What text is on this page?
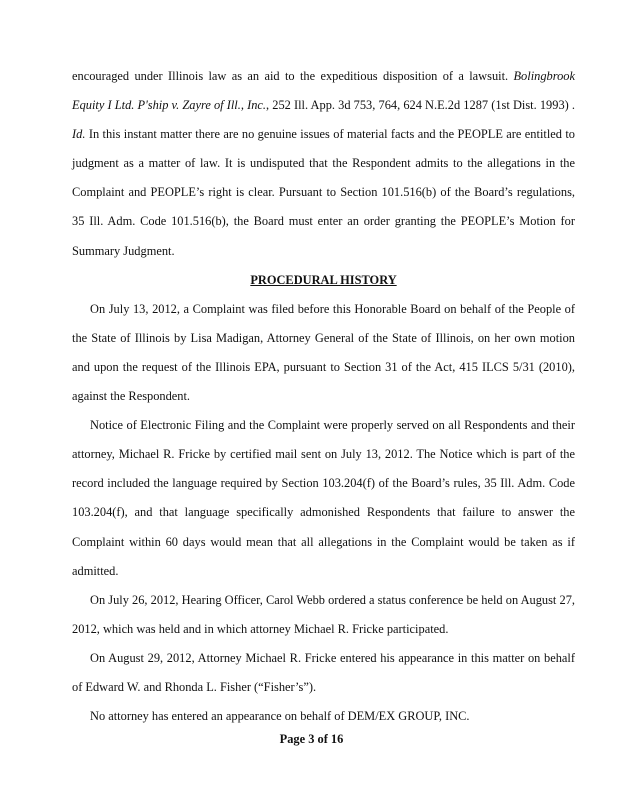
encouraged under Illinois law as an aid to the expeditious disposition of a lawsuit. Bolingbrook Equity I Ltd. P'ship v. Zayre of Ill., Inc., 252 Ill. App. 3d 753, 764, 624 N.E.2d 1287 (1st Dist. 1993) . Id. In this instant matter there are no genuine issues of material facts and the PEOPLE are entitled to judgment as a matter of law. It is undisputed that the Respondent admits to the allegations in the Complaint and PEOPLE’s right is clear. Pursuant to Section 101.516(b) of the Board’s regulations, 35 Ill. Adm. Code 101.516(b), the Board must enter an order granting the PEOPLE’s Motion for Summary Judgment.

PROCEDURAL HISTORY

On July 13, 2012, a Complaint was filed before this Honorable Board on behalf of the People of the State of Illinois by Lisa Madigan, Attorney General of the State of Illinois, on her own motion and upon the request of the Illinois EPA, pursuant to Section 31 of the Act, 415 ILCS 5/31 (2010), against the Respondent.

Notice of Electronic Filing and the Complaint were properly served on all Respondents and their attorney, Michael R. Fricke by certified mail sent on July 13, 2012. The Notice which is part of the record included the language required by Section 103.204(f) of the Board’s rules, 35 Ill. Adm. Code 103.204(f), and that language specifically admonished Respondents that failure to answer the Complaint within 60 days would mean that all allegations in the Complaint would be taken as if admitted.

On July 26, 2012, Hearing Officer, Carol Webb ordered a status conference be held on August 27, 2012, which was held and in which attorney Michael R. Fricke participated.

On August 29, 2012, Attorney Michael R. Fricke entered his appearance in this matter on behalf of Edward W. and Rhonda L. Fisher (“Fisher’s”).

No attorney has entered an appearance on behalf of DEM/EX GROUP, INC.

Page 3 of 16
